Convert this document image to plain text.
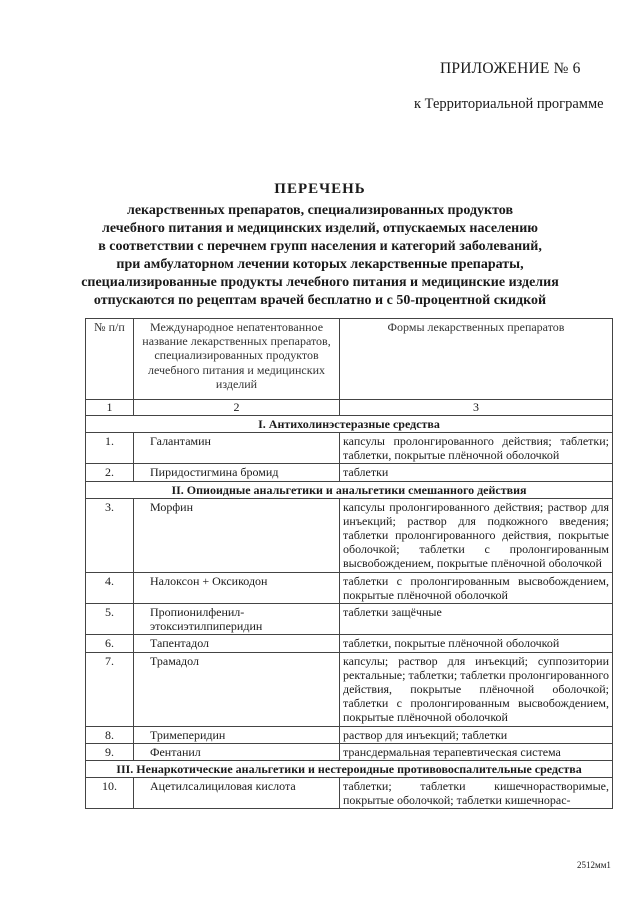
ПРИЛОЖЕНИЕ № 6
к Территориальной программе
ПЕРЕЧЕНЬ
лекарственных препаратов, специализированных продуктов
лечебного питания и медицинских изделий, отпускаемых населению
в соответствии с перечнем групп населения и категорий заболеваний,
при амбулаторном лечении которых лекарственные препараты,
специализированные продукты лечебного питания и медицинские изделия
отпускаются по рецептам врачей бесплатно и с 50-процентной скидкой
№ п/п	Международное непатентованное название лекарственных препаратов, специализированных продуктов лечебного питания и медицинских изделий	Формы лекарственных препаратов
1	2	3
I. Антихолинэстеразные средства		
1.	Галантамин	капсулы пролонгированного действия; таблетки; таблетки, покрытые плёночной оболочкой
2.	Пиридостигмина бромид	таблетки
II. Опиоидные анальгетики и анальгетики смешанного действия		
3.	Морфин	капсулы пролонгированного действия; раствор для инъекций; раствор для подкожного введения; таблетки пролонгированного действия, покрытые оболочкой; таблетки с пролонгированным высвобождением, покрытые плёночной оболочкой
4.	Налоксон + Оксикодон	таблетки с пролонгированным высвобождением, покрытые плёночной оболочкой
5.	Пропионилфенил-этоксиэтилпиперидин	таблетки защёчные
6.	Тапентадол	таблетки, покрытые плёночной оболочкой
7.	Трамадол	капсулы; раствор для инъекций; суппозитории ректальные; таблетки; таблетки пролонгированного действия, покрытые плёночной оболочкой; таблетки с пролонгированным высвобождением, покрытые плёночной оболочкой
8.	Тримеперидин	раствор для инъекций; таблетки
9.	Фентанил	трансдермальная терапевтическая система
III. Ненаркотические анальгетики и нестероидные противовоспалительные средства		
10.	Ацетилсалициловая кислота	таблетки; таблетки кишечнорастворимые, покрытые оболочкой; таблетки кишечнорас-
2512мм1
